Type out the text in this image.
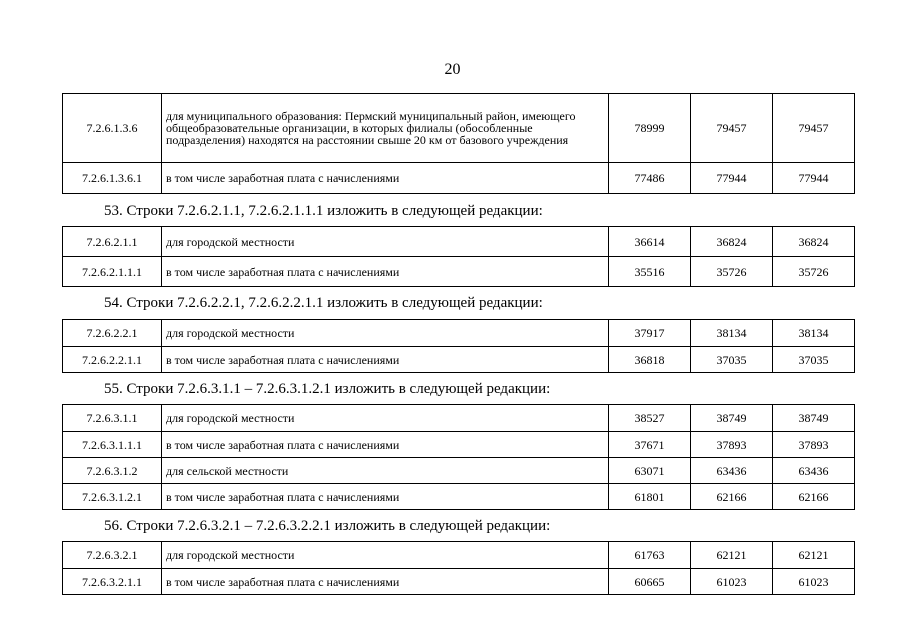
20
7.2.6.1.3.6	для муниципального образования: Пермский муниципальный район, имеющего общеобразовательные организации, в которых филиалы (обособленные подразделения) находятся на расстоянии свыше 20 км от базового учреждения	78999	79457	79457
7.2.6.1.3.6.1	в том числе заработная плата с начислениями	77486	77944	77944
53. Строки 7.2.6.2.1.1, 7.2.6.2.1.1.1 изложить в следующей редакции:
7.2.6.2.1.1	для городской местности	36614	36824	36824
7.2.6.2.1.1.1	в том числе заработная плата с начислениями	35516	35726	35726
54. Строки 7.2.6.2.2.1, 7.2.6.2.2.1.1 изложить в следующей редакции:
7.2.6.2.2.1	для городской местности	37917	38134	38134
7.2.6.2.2.1.1	в том числе заработная плата с начислениями	36818	37035	37035
55. Строки 7.2.6.3.1.1 – 7.2.6.3.1.2.1 изложить в следующей редакции:
7.2.6.3.1.1	для городской местности	38527	38749	38749
7.2.6.3.1.1.1	в том числе заработная плата с начислениями	37671	37893	37893
7.2.6.3.1.2	для сельской местности	63071	63436	63436
7.2.6.3.1.2.1	в том числе заработная плата с начислениями	61801	62166	62166
56. Строки 7.2.6.3.2.1 – 7.2.6.3.2.2.1 изложить в следующей редакции:
7.2.6.3.2.1	для городской местности	61763	62121	62121
7.2.6.3.2.1.1	в том числе заработная плата с начислениями	60665	61023	61023
